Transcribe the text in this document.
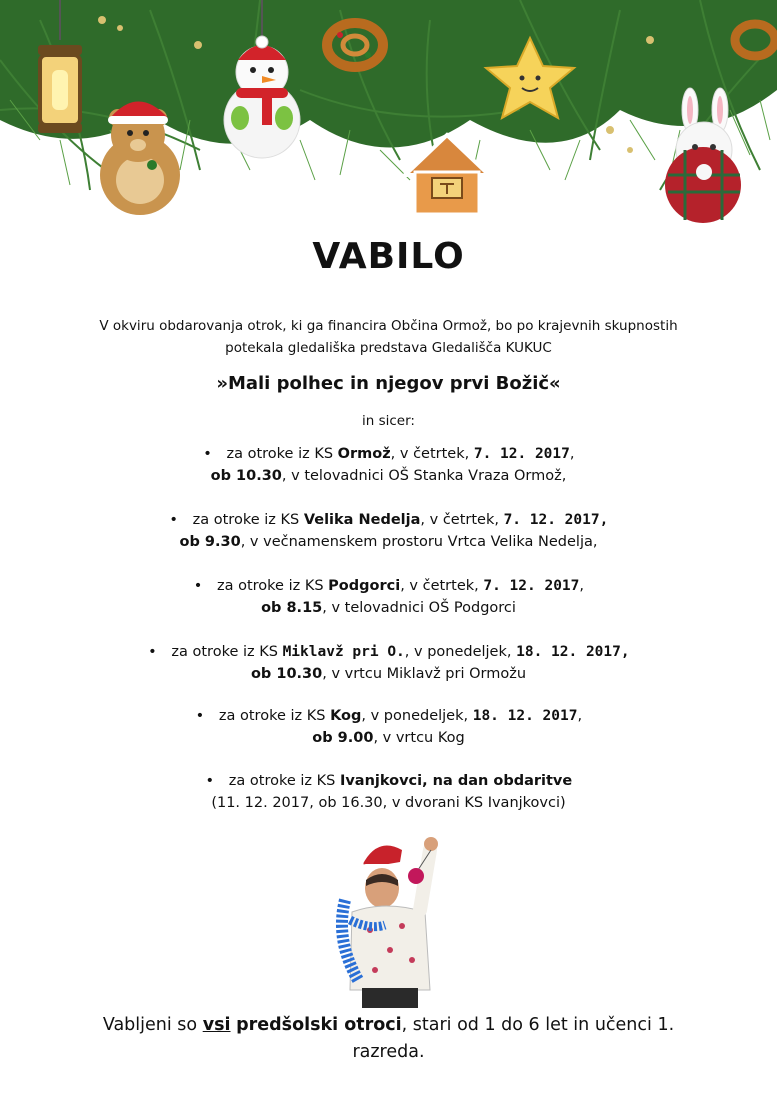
VABILO
V okviru obdarovanja otrok, ki ga financira Občina Ormož, bo po krajevnih skupnostih
potekala gledališka predstava Gledališča KUKUC
»Mali polhec in njegov prvi Božič«
in sicer:
• za otroke iz KS Ormož, v četrtek, 7. 12. 2017,
ob 10.30, v telovadnici OŠ Stanka Vraza Ormož,
• za otroke iz KS Velika Nedelja, v četrtek, 7. 12. 2017,
ob 9.30, v večnamenskem prostoru Vrtca Velika Nedelja,
• za otroke iz KS Podgorci, v četrtek, 7. 12. 2017,
ob 8.15, v telovadnici OŠ Podgorci
• za otroke iz KS Miklavž pri O., v ponedeljek, 18. 12. 2017,
ob 10.30, v vrtcu Miklavž pri Ormožu
• za otroke iz KS Kog, v ponedeljek, 18. 12. 2017,
ob 9.00, v vrtcu Kog
• za otroke iz KS Ivanjkovci, na dan obdaritve
(11. 12. 2017, ob 16.30, v dvorani KS Ivanjkovci)
Vabljeni so vsi predšolski otroci, stari od 1 do 6 let in učenci 1.
razreda.
